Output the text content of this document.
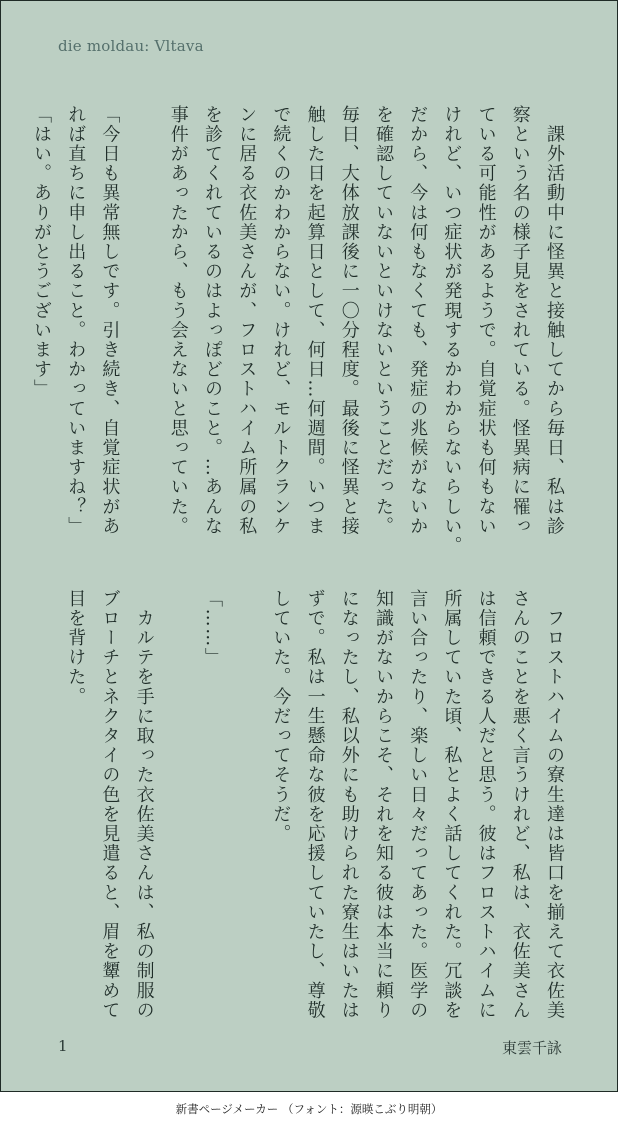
die moldau: Vltava
　課外活動中に怪異と接触してから毎日、私は診
察という名の様子見をされている。怪異病に罹っ
ている可能性があるようで。自覚症状も何もない
けれど、いつ症状が発現するかわからないらしい。
だから、今は何もなくても、発症の兆候がないか
を確認していないといけないということだった。
毎日、大体放課後に一〇分程度。最後に怪異と接
触した日を起算日として、何日…何週間。いつま
で続くのかわからない。けれど、モルトクランケ
ンに居る衣佐美さんが、フロストハイム所属の私
を診てくれているのはよっぽどのこと。…あんな
事件があったから、もう会えないと思っていた。
「今日も異常無しです。引き続き、自覚症状があ
れば直ちに申し出ること。わかっていますね？」
「はい。ありがとうございます」
　フロストハイムの寮生達は皆口を揃えて衣佐美
さんのことを悪く言うけれど、私は、衣佐美さん
は信頼できる人だと思う。彼はフロストハイムに
所属していた頃、私とよく話してくれた。冗談を
言い合ったり、楽しい日々だってあった。医学の
知識がないからこそ、それを知る彼は本当に頼り
になったし、私以外にも助けられた寮生はいたは
ずで。私は一生懸命な彼を応援していたし、尊敬
していた。今だってそうだ。
「……」
　カルテを手に取った衣佐美さんは、私の制服の
ブローチとネクタイの色を見遣ると、眉を顰めて
目を背けた。
1	東雲千詠
新書ページメーカー （フォント：源暎こぶり明朝）
